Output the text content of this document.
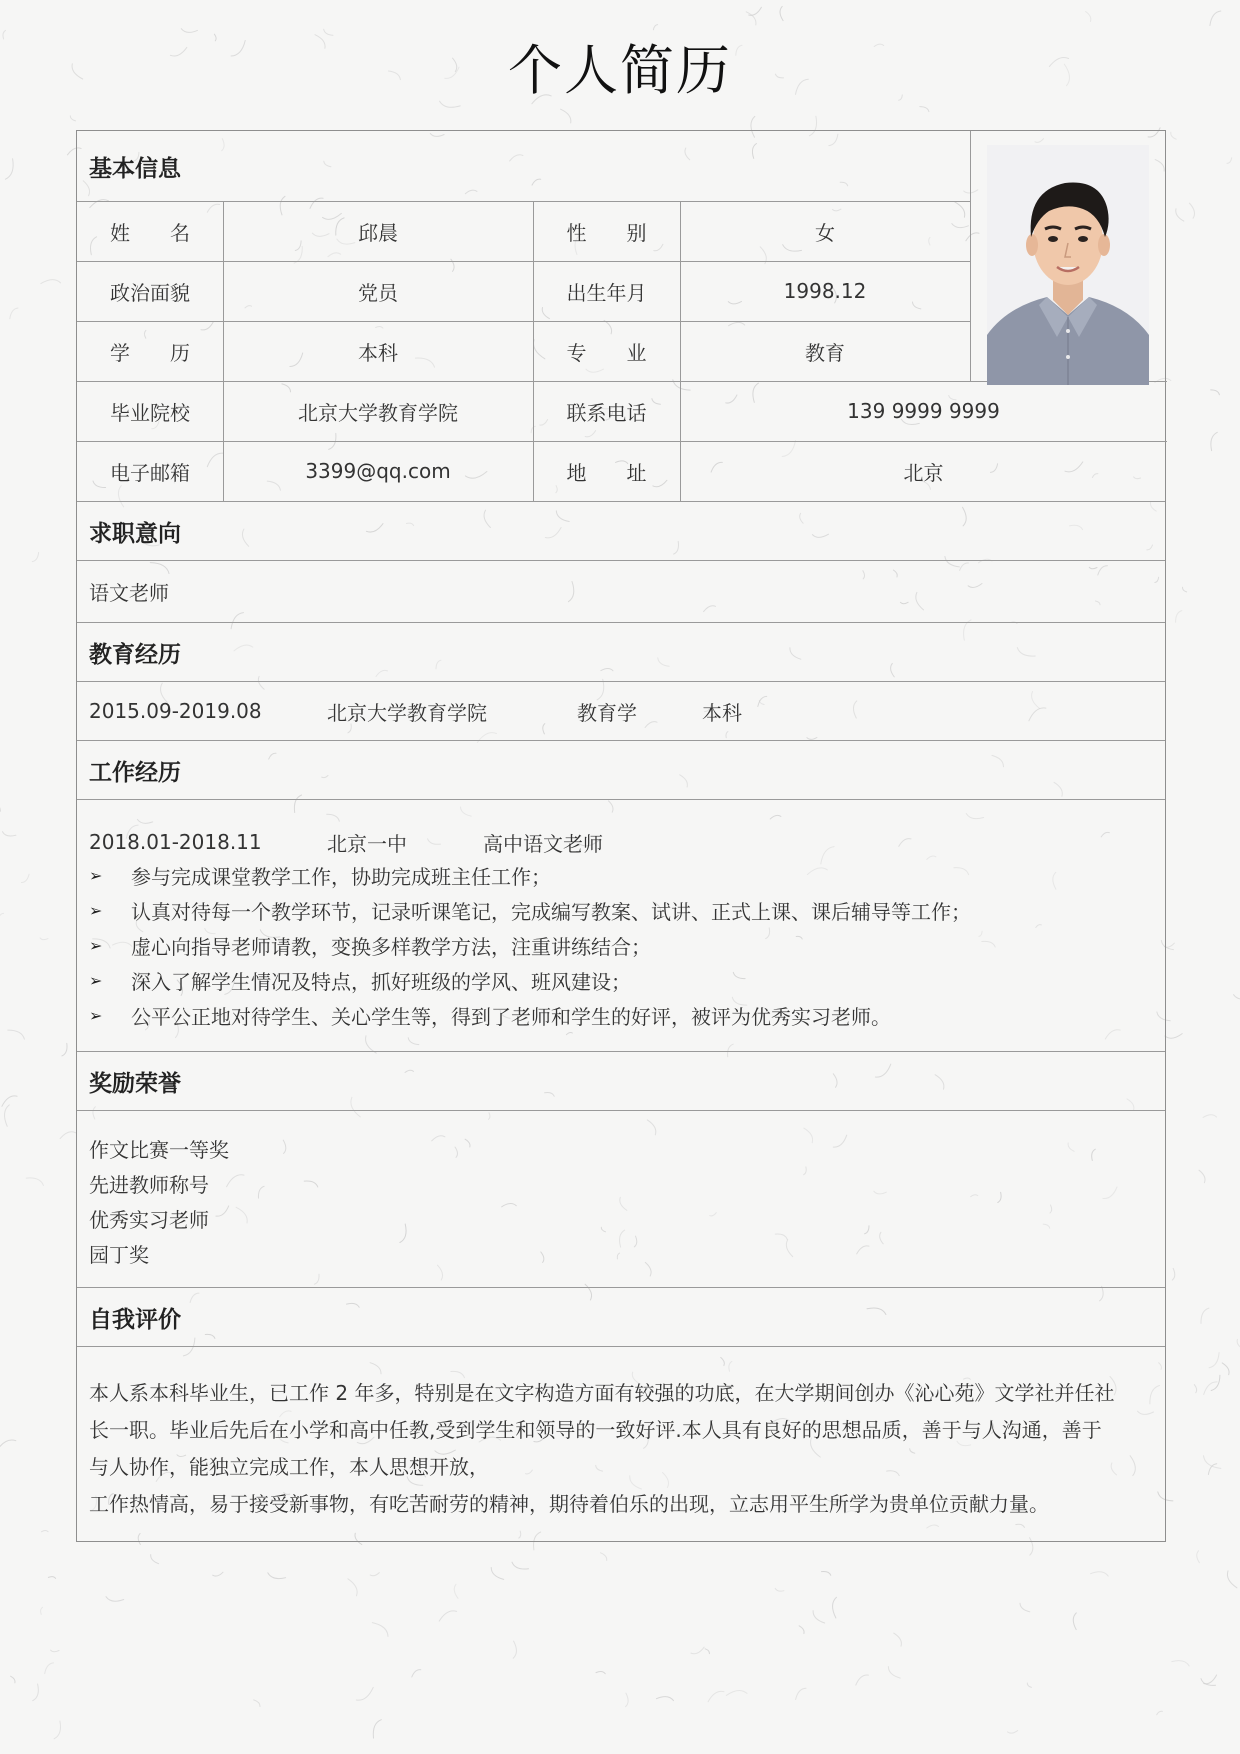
个人简历
基本信息
姓　　名	邱晨	性　　别	女
政治面貌	党员	出生年月	1998.12
学　　历	本科	专　　业	教育
毕业院校	北京大学教育学院	联系电话	139 9999 9999
电子邮箱	3399@qq.com	地　　址	北京
求职意向
语文老师
教育经历
2015.09-2019.08	北京大学教育学院	教育学	本科
工作经历
2018.01-2018.11	北京一中	高中语文老师
➢	参与完成课堂教学工作，协助完成班主任工作；
➢	认真对待每一个教学环节，记录听课笔记，完成编写教案、试讲、正式上课、课后辅导等工作；
➢	虚心向指导老师请教，变换多样教学方法，注重讲练结合；
➢	深入了解学生情况及特点，抓好班级的学风、班风建设；
➢	公平公正地对待学生、关心学生等，得到了老师和学生的好评，被评为优秀实习老师。
奖励荣誉
作文比赛一等奖
先进教师称号
优秀实习老师
园丁奖
自我评价
本人系本科毕业生，已工作 2 年多，特别是在文字构造方面有较强的功底，在大学期间创办《沁心苑》文学社并任社
长一职。毕业后先后在小学和高中任教,受到学生和领导的一致好评.本人具有良好的思想品质，善于与人沟通，善于
与人协作，能独立完成工作，本人思想开放，
工作热情高，易于接受新事物，有吃苦耐劳的精神，期待着伯乐的出现，立志用平生所学为贵单位贡献力量。
